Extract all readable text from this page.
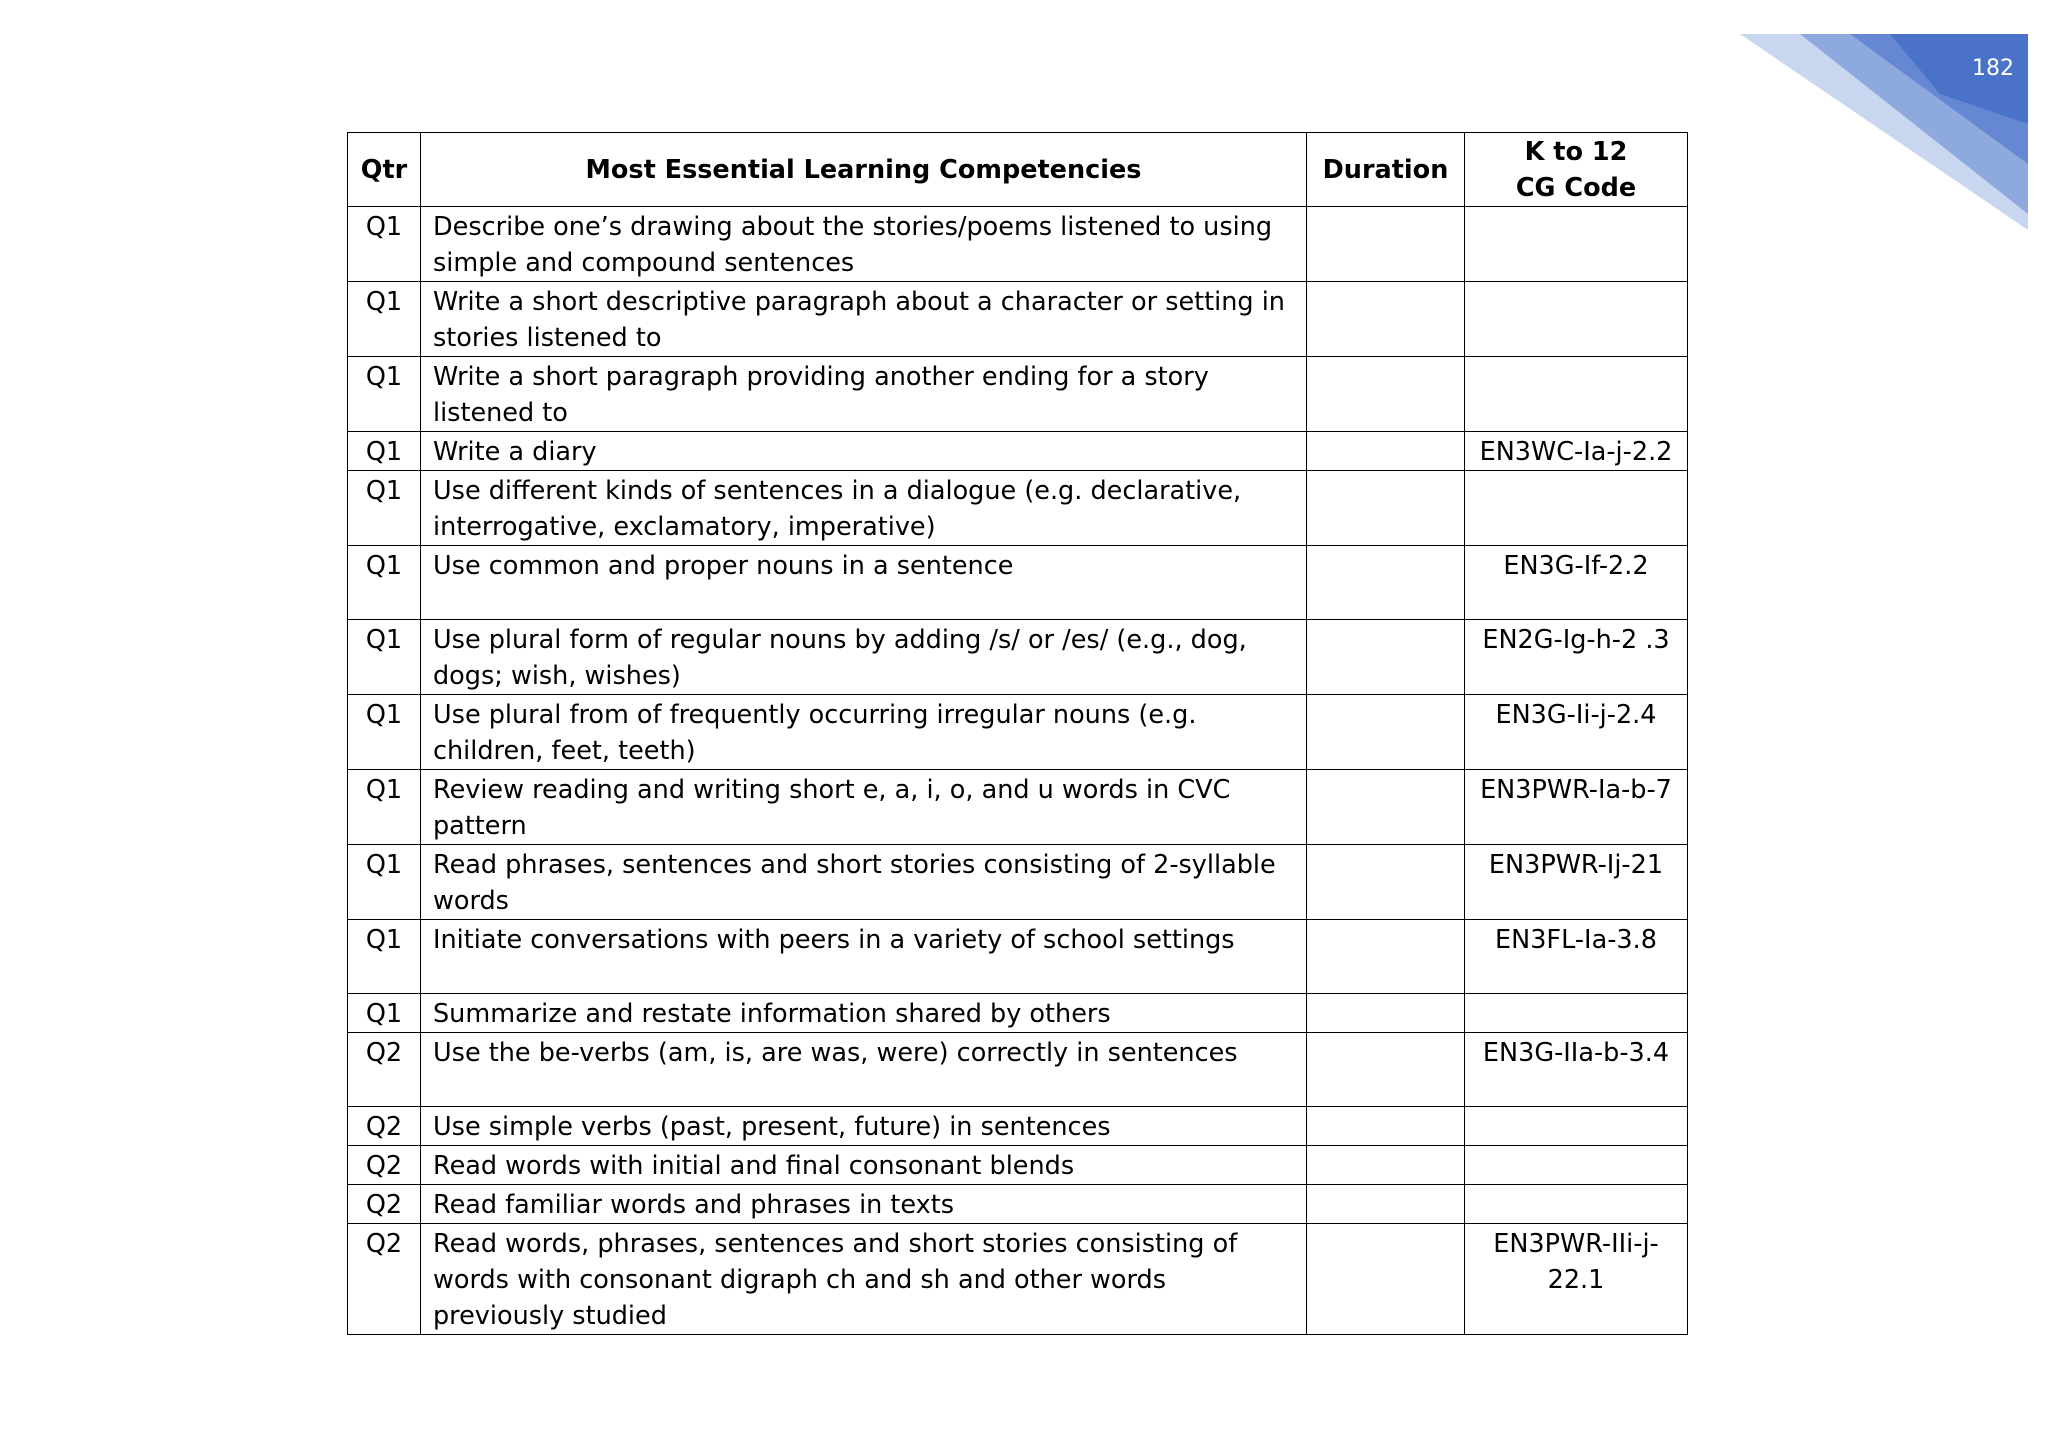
182
Qtr	Most Essential Learning Competencies	Duration	K to 12
CG Code

Q1	Describe one’s drawing about the stories/poems listened to using simple and compound sentences		
Q1	Write a short descriptive paragraph about a character or setting in stories listened to		
Q1	Write a short paragraph providing another ending for a story listened to		
Q1	Write a diary		EN3WC-Ia-j-2.2
Q1	Use different kinds of sentences in a dialogue (e.g. declarative, interrogative, exclamatory, imperative)		
Q1	Use common and proper nouns in a sentence		EN3G-If-2.2
Q1	Use plural form of regular nouns by adding /s/ or /es/ (e.g., dog, dogs; wish, wishes)		EN2G-Ig-h-2 .3
Q1	Use plural from of frequently occurring irregular nouns (e.g. children, feet, teeth)		EN3G-Ii-j-2.4
Q1	Review reading and writing short e, a, i, o, and u words in CVC pattern		EN3PWR-Ia-b-7
Q1	Read phrases, sentences and short stories consisting of 2-syllable words		EN3PWR-Ij-21
Q1	Initiate conversations with peers in a variety of school settings		EN3FL-Ia-3.8
Q1	Summarize and restate information shared by others		
Q2	Use the be-verbs (am, is, are was, were) correctly in sentences		EN3G-IIa-b-3.4
Q2	Use simple verbs (past, present, future) in sentences		
Q2	Read words with initial and final consonant blends		
Q2	Read familiar words and phrases in texts		
Q2	Read words, phrases, sentences and short stories consisting of words with consonant digraph ch and sh and other words previously studied		EN3PWR-IIi-j-
22.1
